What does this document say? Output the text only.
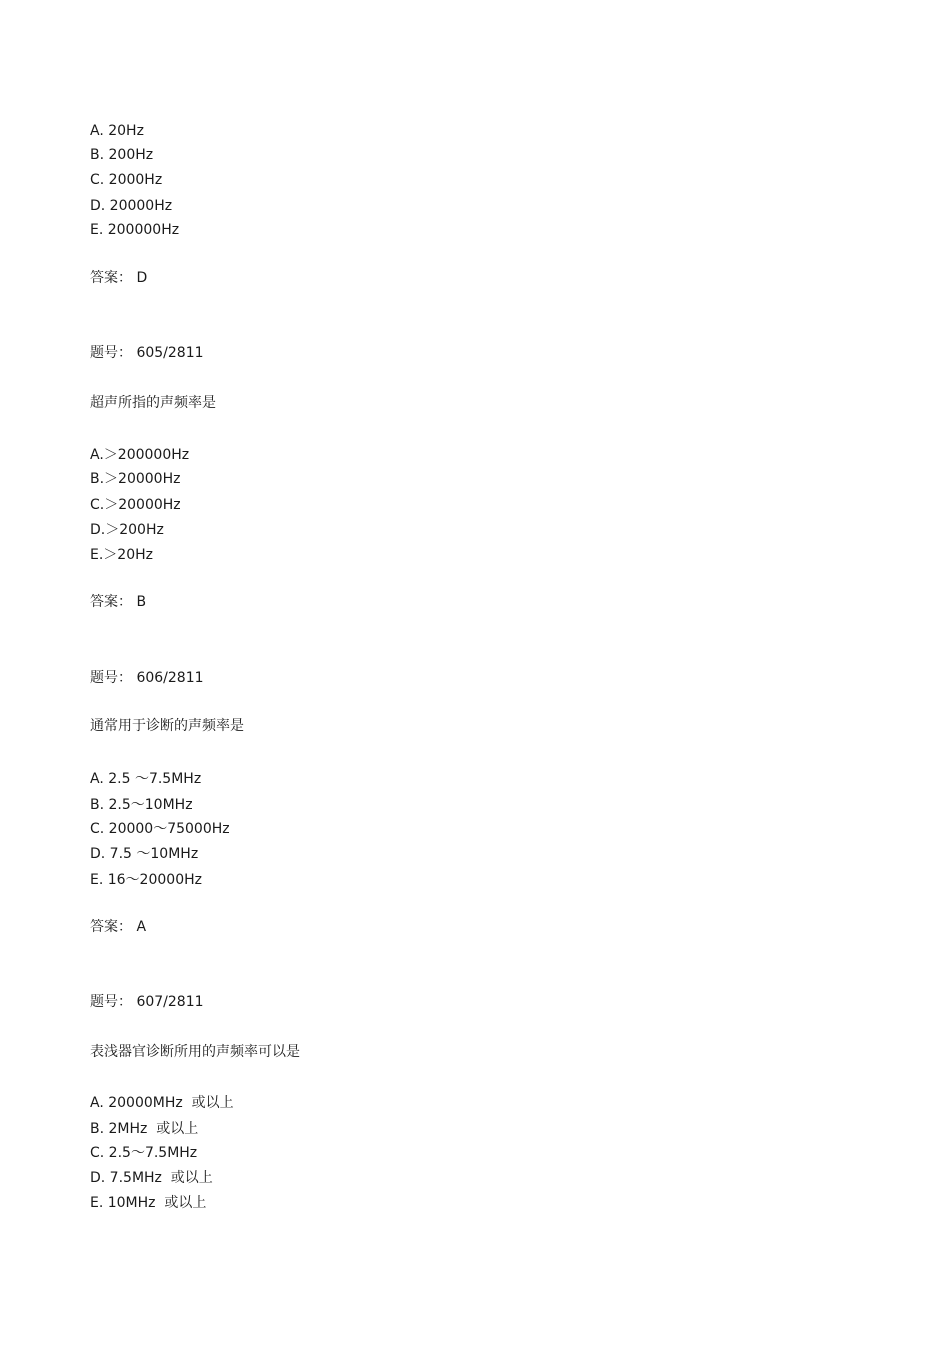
A. 20Hz
B. 200Hz
C. 2000Hz
D. 20000Hz
E. 200000Hz
答案： D
题号： 605/2811
超声所指的声频率是
A.＞200000Hz
B.＞20000Hz
C.＞20000Hz
D.＞200Hz
E.＞20Hz
答案： B
题号： 606/2811
通常用于诊断的声频率是
A. 2.5 ～7.5MHz
B. 2.5～10MHz
C. 20000～75000Hz
D. 7.5 ～10MHz
E. 16～20000Hz
答案： A
题号： 607/2811
表浅器官诊断所用的声频率可以是
A. 20000MHz  或以上
B. 2MHz  或以上
C. 2.5～7.5MHz
D. 7.5MHz  或以上
E. 10MHz  或以上
